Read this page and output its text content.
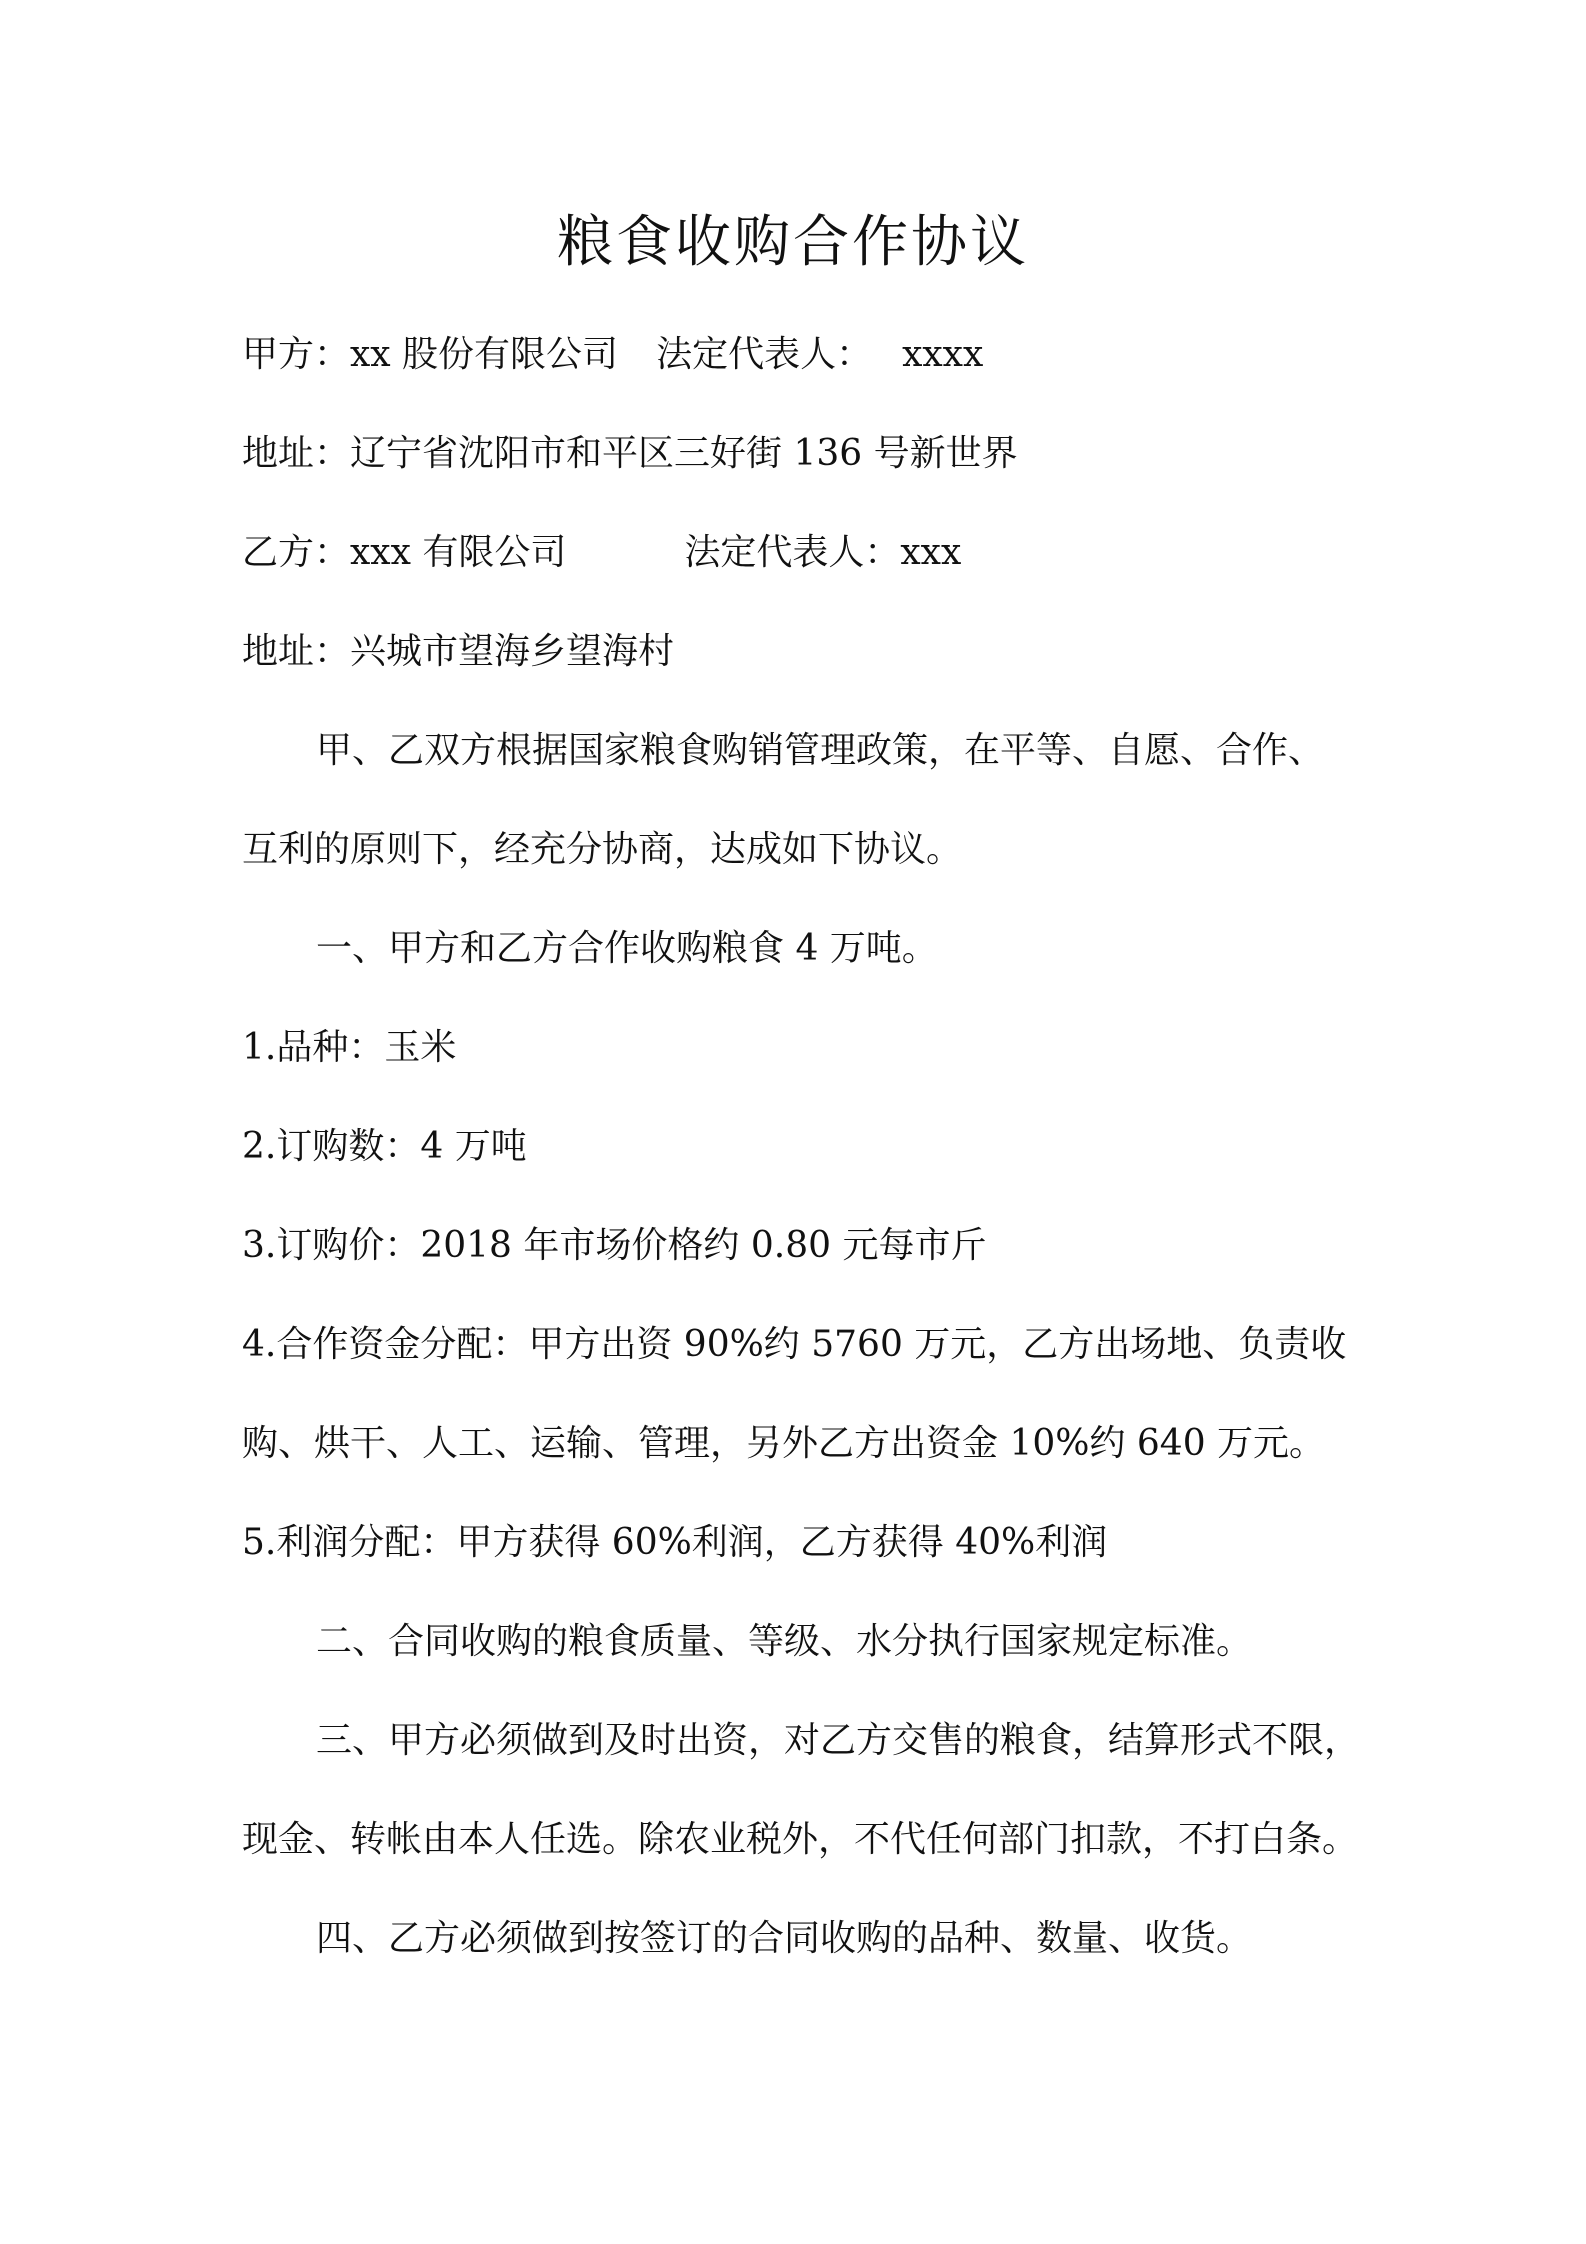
粮食收购合作协议
甲方：xx 股份有限公司 法定代表人： xxxx
地址：辽宁省沈阳市和平区三好街 136 号新世界
乙方：xxx 有限公司	法定代表人：xxx
地址：兴城市望海乡望海村
甲、乙双方根据国家粮食购销管理政策，在平等、自愿、合作、
互利的原则下，经充分协商，达成如下协议。
一、甲方和乙方合作收购粮食 4 万吨。
1.品种：玉米
2.订购数：4 万吨
3.订购价：2018 年市场价格约 0.80 元每市斤
4.合作资金分配：甲方出资 90%约 5760 万元，乙方出场地、负责收
购、烘干、人工、运输、管理，另外乙方出资金 10%约 640 万元。
5.利润分配：甲方获得 60%利润，乙方获得 40%利润
二、合同收购的粮食质量、等级、水分执行国家规定标准。
三、甲方必须做到及时出资，对乙方交售的粮食，结算形式不限，
现金、转帐由本人任选。除农业税外，不代任何部门扣款，不打白条。
四、乙方必须做到按签订的合同收购的品种、数量、收货。
